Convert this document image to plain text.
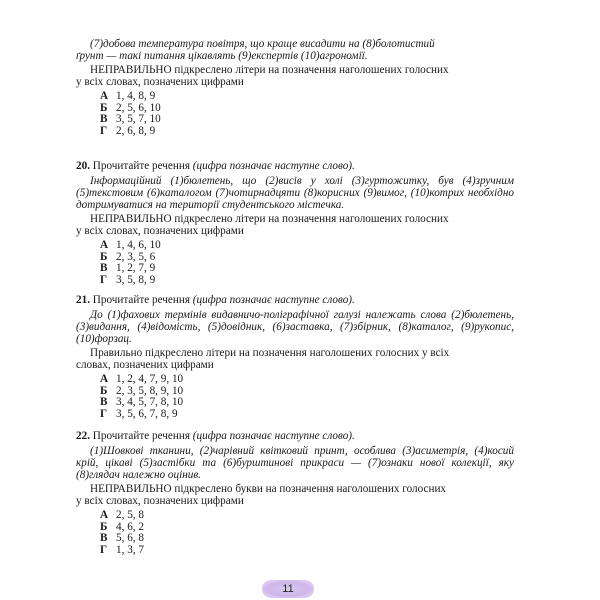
(7)добова температура повітря, що краще висадити на (8)болотистий

ґрунт — такі питання цікавлять (9)експертів (10)агрономії.

НЕПРАВИЛЬНО підкреслено літери на позначення наголошених голосних

у всіх словах, позначених цифрами

А 1, 4, 8, 9
Б 2, 5, 6, 10
В 3, 5, 7, 10
Г 2, 6, 8, 9

20. Прочитайте речення (цифра позначає наступне слово).

Інформаційний (1)бюлетень, що (2)висів у холі (3)гуртожитку, був (4)зручним (5)текстовим (6)каталогом (7)чотирнадцяти (8)корисних (9)вимог, (10)котрих необхідно дотримуватися на території студентського містечка.

НЕПРАВИЛЬНО підкреслено літери на позначення наголошених голосних

у всіх словах, позначених цифрами

А 1, 4, 6, 10
Б 2, 3, 5, 6
В 1, 2, 7, 9
Г 3, 5, 8, 9

21. Прочитайте речення (цифра позначає наступне слово).

До (1)фахових термінів видавничо-поліграфічної галузі належать слова (2)бюлетень, (3)видання, (4)відомість, (5)довідник, (6)заставка, (7)збірник, (8)каталог, (9)рукопис, (10)форзац.

Правильно підкреслено літери на позначення наголошених голосних у всіх

словах, позначених цифрами

А 1, 2, 4, 7, 9, 10
Б 2, 3, 5, 8, 9, 10
В 3, 4, 5, 7, 8, 10
Г 3, 5, 6, 7, 8, 9

22. Прочитайте речення (цифра позначає наступне слово).

(1)Шовкові тканини, (2)чарівний квітковий принт, особлива (3)асиметрія, (4)косий крій, цікаві (5)застібки та (6)бурштинові прикраси — (7)ознаки нової колекції, яку (8)глядач належно оцінив.

НЕПРАВИЛЬНО підкреслено букви на позначення наголошених голосних

у всіх словах, позначених цифрами

А 2, 5, 8
Б 4, 6, 2
В 5, 6, 8
Г 1, 3, 7
11
